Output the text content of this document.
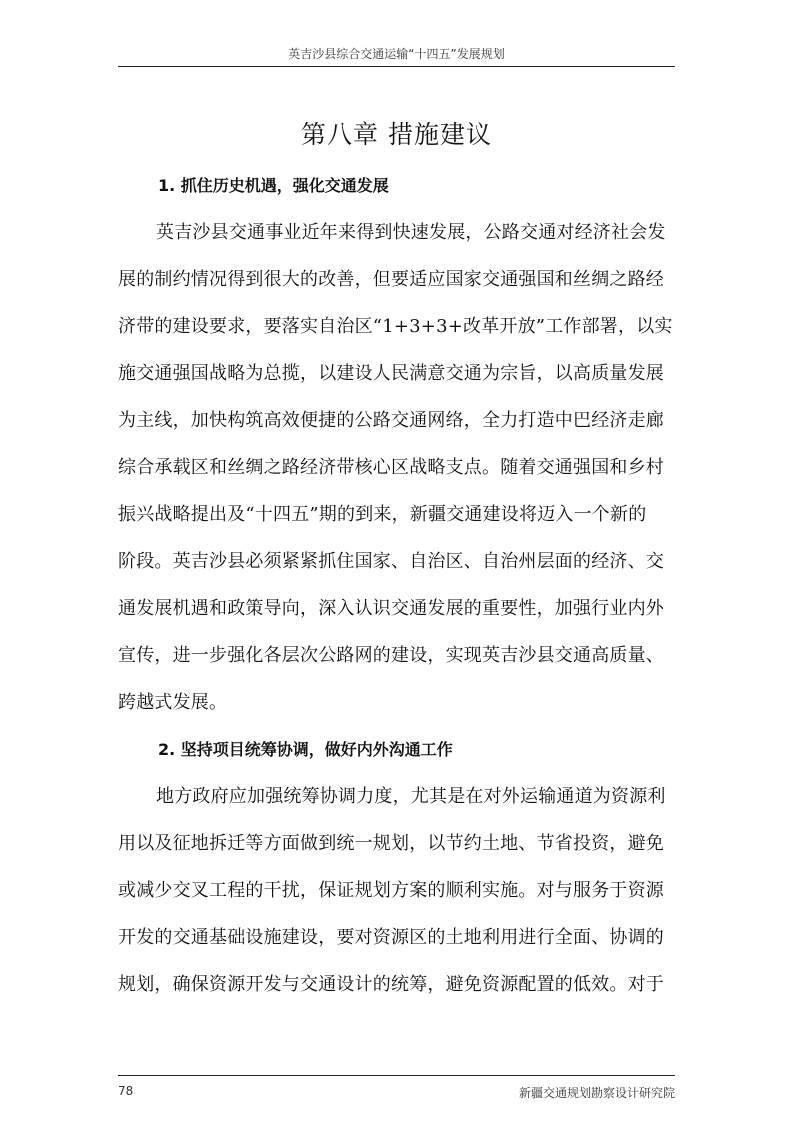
英吉沙县综合交通运输“十四五”发展规划
第八章 措施建议
1. 抓住历史机遇，强化交通发展
英吉沙县交通事业近年来得到快速发展，公路交通对经济社会发
展的制约情况得到很大的改善，但要适应国家交通强国和丝绸之路经
济带的建设要求，要落实自治区“1+3+3+改革开放”工作部署，以实
施交通强国战略为总揽，以建设人民满意交通为宗旨，以高质量发展
为主线，加快构筑高效便捷的公路交通网络，全力打造中巴经济走廊
综合承载区和丝绸之路经济带核心区战略支点。随着交通强国和乡村
振兴战略提出及“十四五”期的到来，新疆交通建设将迈入一个新的
阶段。英吉沙县必须紧紧抓住国家、自治区、自治州层面的经济、交
通发展机遇和政策导向，深入认识交通发展的重要性，加强行业内外
宣传，进一步强化各层次公路网的建设，实现英吉沙县交通高质量、
跨越式发展。
2. 坚持项目统筹协调，做好内外沟通工作
地方政府应加强统筹协调力度，尤其是在对外运输通道为资源利
用以及征地拆迁等方面做到统一规划，以节约土地、节省投资，避免
或减少交叉工程的干扰，保证规划方案的顺利实施。对与服务于资源
开发的交通基础设施建设，要对资源区的土地利用进行全面、协调的
规划，确保资源开发与交通设计的统筹，避免资源配置的低效。对于
78	新疆交通规划勘察设计研究院
